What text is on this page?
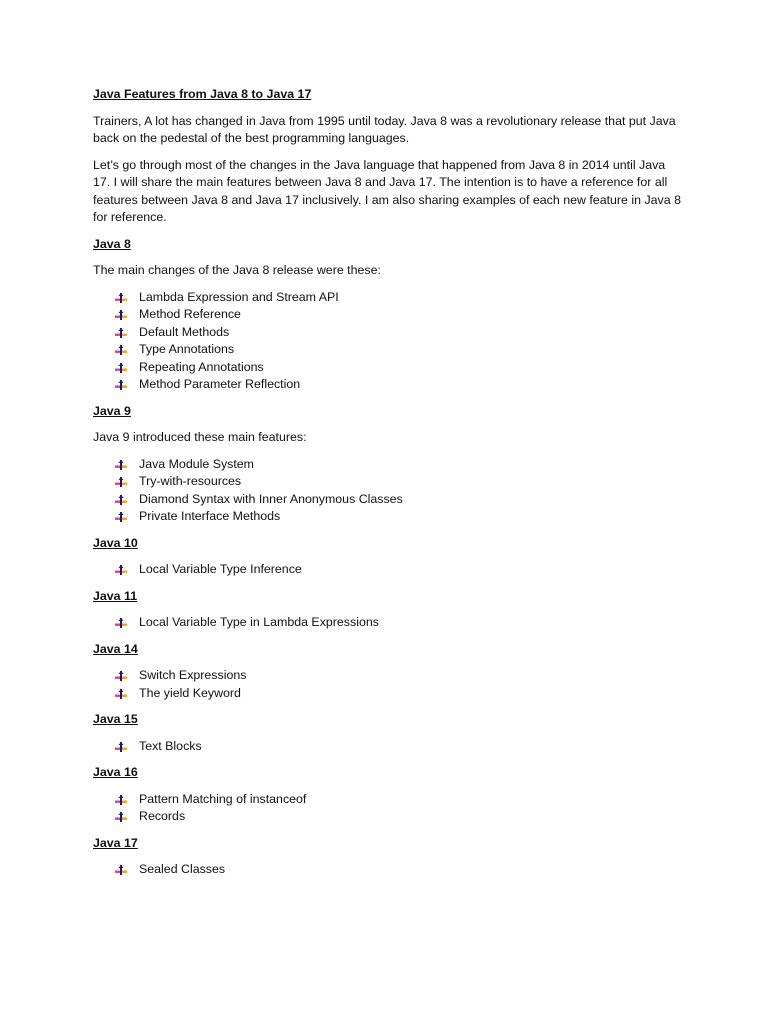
Java Features from Java 8 to Java 17
Trainers, A lot has changed in Java from 1995 until today. Java 8 was a revolutionary release that put Java back on the pedestal of the best programming languages.
Let’s go through most of the changes in the Java language that happened from Java 8 in 2014 until Java 17. I will share the main features between Java 8 and Java 17. The intention is to have a reference for all features between Java 8 and Java 17 inclusively. I am also sharing examples of each new feature in Java 8 for reference.
Java 8
The main changes of the Java 8 release were these:
Lambda Expression and Stream API
Method Reference
Default Methods
Type Annotations
Repeating Annotations
Method Parameter Reflection
Java 9
Java 9 introduced these main features:
Java Module System
Try-with-resources
Diamond Syntax with Inner Anonymous Classes
Private Interface Methods
Java 10
Local Variable Type Inference
Java 11
Local Variable Type in Lambda Expressions
Java 14
Switch Expressions
The yield Keyword
Java 15
Text Blocks
Java 16
Pattern Matching of instanceof
Records
Java 17
Sealed Classes
